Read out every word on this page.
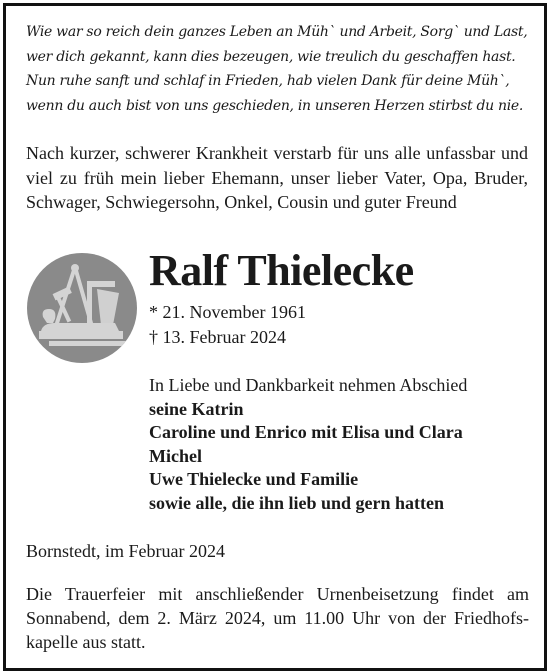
Wie war so reich dein ganzes Leben an Müh` und Arbeit, Sorg` und Last,
wer dich gekannt, kann dies bezeugen, wie treulich du geschaffen hast.
Nun ruhe sanft und schlaf in Frieden, hab vielen Dank für deine Müh`,
wenn du auch bist von uns geschieden, in unseren Herzen stirbst du nie.
Nach kurzer, schwerer Krankheit verstarb für uns alle unfassbar und viel zu früh mein lieber Ehemann, unser lieber Vater, Opa, Bruder, Schwager, Schwiegersohn, Onkel, Cousin und guter Freund
Ralf Thielecke
* 21. November 1961
† 13. Februar 2024
In Liebe und Dankbarkeit nehmen Abschied
seine Katrin
Caroline und Enrico mit Elisa und Clara
Michel
Uwe Thielecke und Familie
sowie alle, die ihn lieb und gern hatten
Bornstedt, im Februar 2024
Die Trauerfeier mit anschließender Urnenbeisetzung findet am
Sonnabend, dem 2. März 2024, um 11.00 Uhr von der Friedhofs-
kapelle aus statt.
